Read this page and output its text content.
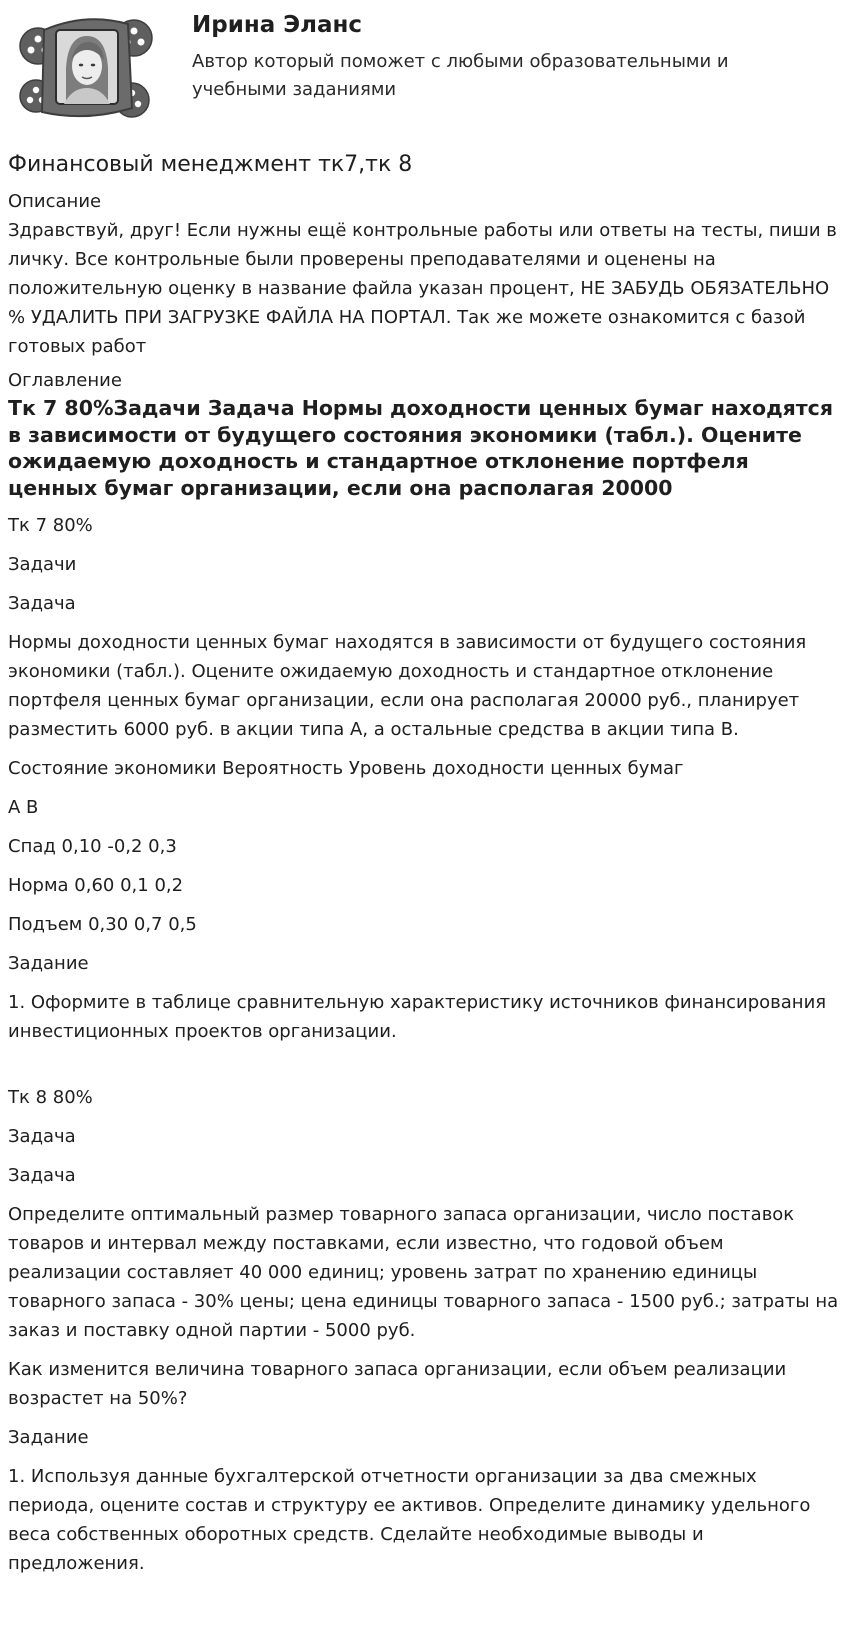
Ирина Эланс

Автор который поможет с любыми образовательными и учебными заданиями

Финансовый менеджмент тк7,тк 8

Описание

Здравствуй, друг! Если нужны ещё контрольные работы или ответы на тесты, пиши в личку. Все контрольные были проверены преподавателями и оценены на положительную оценку в название файла указан процент, НЕ ЗАБУДЬ ОБЯЗАТЕЛЬНО % УДАЛИТЬ ПРИ ЗАГРУЗКЕ ФАЙЛА НА ПОРТАЛ. Так же можете ознакомится с базой готовых работ

Оглавление

Тк 7 80%Задачи Задача Нормы доходности ценных бумаг находятся в зависимости от будущего состояния экономики (табл.). Оцените ожидаемую доходность и стандартное отклонение портфеля ценных бумаг организации, если она располагая 20000

Тк 7 80%

Задачи

Задача

Нормы доходности ценных бумаг находятся в зависимости от будущего состояния экономики (табл.). Оцените ожидаемую доходность и стандартное отклонение портфеля ценных бумаг организации, если она располагая 20000 руб., планирует разместить 6000 руб. в акции типа А, а остальные средства в акции типа В.

Состояние экономики Вероятность Уровень доходности ценных бумаг

А В

Спад 0,10 -0,2 0,3

Норма 0,60 0,1 0,2

Подъем 0,30 0,7 0,5

Задание

1. Оформите в таблице сравнительную характеристику источников финансирования инвестиционных проектов организации.

Тк 8 80%

Задача

Задача

Определите оптимальный размер товарного запаса организации, число поставок товаров и интервал между поставками, если известно, что годовой объем реализации составляет 40 000 единиц; уровень затрат по хранению единицы товарного запаса - 30% цены; цена единицы товарного запаса - 1500 руб.; затраты на заказ и поставку одной партии - 5000 руб.

Как изменится величина товарного запаса организации, если объем реализации возрастет на 50%?

Задание

1. Используя данные бухгалтерской отчетности организации за два смежных периода, оцените состав и структуру ее активов. Определите динамику удельного веса собственных оборотных средств. Сделайте необходимые выводы и предложения.
